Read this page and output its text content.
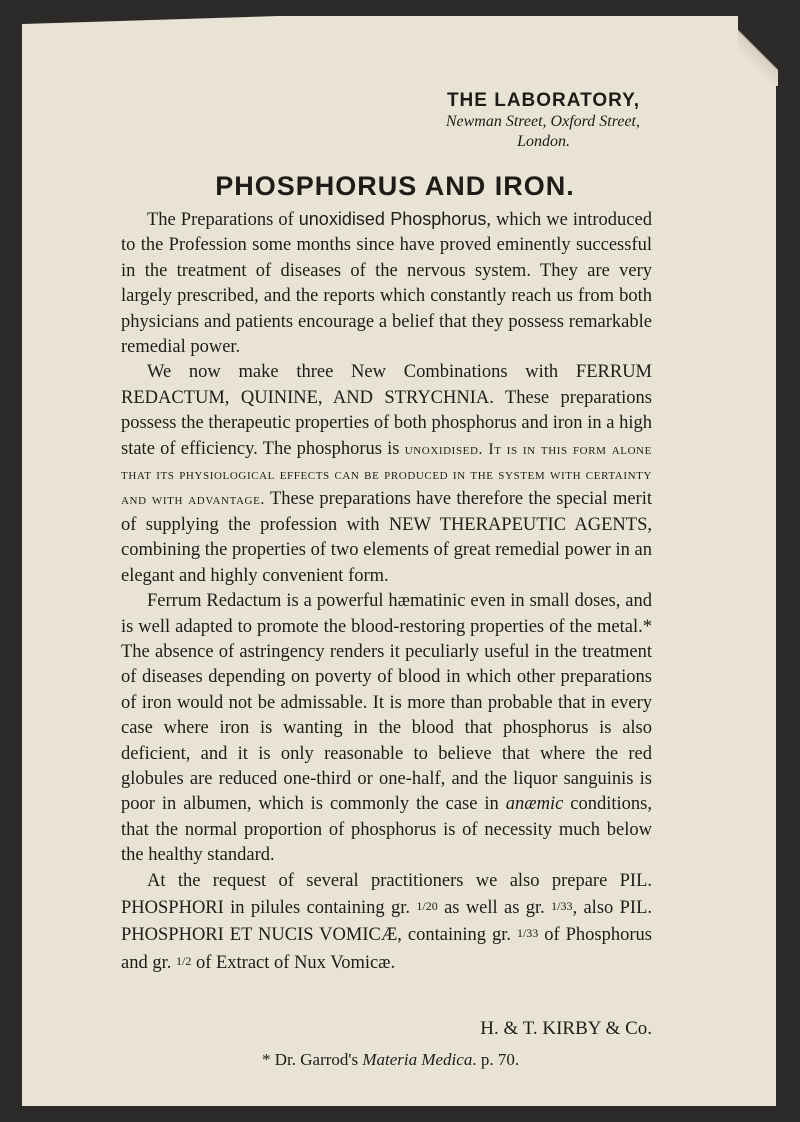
THE LABORATORY,
Newman Street, Oxford Street,
London.
PHOSPHORUS AND IRON.

The Preparations of unoxidised Phosphorus, which we introduced to the Profession some months since have proved eminently successful in the treatment of diseases of the nervous system. They are very largely prescribed, and the reports which constantly reach us from both physicians and patients encourage a belief that they possess remarkable remedial power.

We now make three New Combinations with FERRUM REDACTUM, QUININE, AND STRYCHNIA. These preparations possess the therapeutic properties of both phosphorus and iron in a high state of efficiency. The phosphorus is unoxidised. It is in this form alone that its physiological effects can be produced in the system with certainty and with advantage. These preparations have therefore the special merit of supplying the profession with NEW THERAPEUTIC AGENTS, combining the properties of two elements of great remedial power in an elegant and highly convenient form.

Ferrum Redactum is a powerful hæmatinic even in small doses, and is well adapted to promote the blood-restoring properties of the metal.* The absence of astringency renders it peculiarly useful in the treatment of diseases depending on poverty of blood in which other preparations of iron would not be admissable. It is more than probable that in every case where iron is wanting in the blood that phosphorus is also deficient, and it is only reasonable to believe that where the red globules are reduced one-third or one-half, and the liquor sanguinis is poor in albumen, which is commonly the case in anæmic conditions, that the normal proportion of phosphorus is of necessity much below the healthy standard.

At the request of several practitioners we also prepare PIL. PHOSPHORI in pilules containing gr. 1/20 as well as gr. 1/33, also PIL. PHOSPHORI ET NUCIS VOMICÆ, containing gr. 1/33 of Phosphorus and gr. 1/2 of Extract of Nux Vomicæ.

H. & T. KIRBY & Co.
* Dr. Garrod's Materia Medica. p. 70.
